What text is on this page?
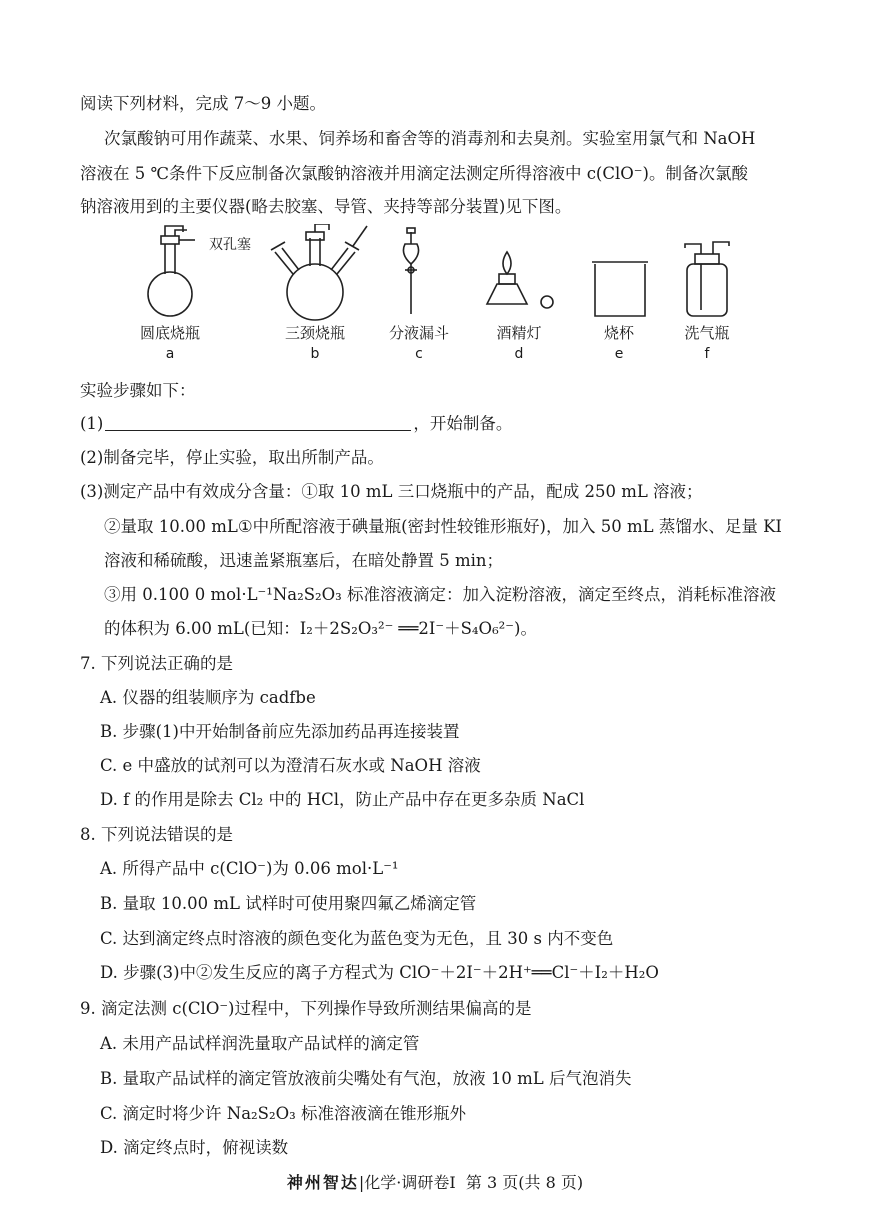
阅读下列材料，完成 7～9 小题。
次氯酸钠可用作蔬菜、水果、饲养场和畜舍等的消毒剂和去臭剂。实验室用氯气和 NaOH
溶液在 5 ℃条件下反应制备次氯酸钠溶液并用滴定法测定所得溶液中 c(ClO⁻)。制备次氯酸
钠溶液用到的主要仪器(略去胶塞、导管、夹持等部分装置)见下图。
双孔塞
圆底烧瓶
a
三颈烧瓶
b
分液漏斗
c
酒精灯
d
烧杯
e
洗气瓶
f
实验步骤如下：
(1)	，开始制备。
(2)制备完毕，停止实验，取出所制产品。
(3)测定产品中有效成分含量：①取 10 mL 三口烧瓶中的产品，配成 250 mL 溶液；
②量取 10.00 mL①中所配溶液于碘量瓶(密封性较锥形瓶好)，加入 50 mL 蒸馏水、足量 KI
溶液和稀硫酸，迅速盖紧瓶塞后，在暗处静置 5 min；
③用 0.100 0 mol·L⁻¹Na₂S₂O₃ 标准溶液滴定：加入淀粉溶液，滴定至终点，消耗标准溶液
的体积为 6.00 mL(已知：I₂＋2S₂O₃²⁻ ══2I⁻＋S₄O₆²⁻)。
7. 下列说法正确的是
A. 仪器的组装顺序为 cadfbe
B. 步骤(1)中开始制备前应先添加药品再连接装置
C. e 中盛放的试剂可以为澄清石灰水或 NaOH 溶液
D. f 的作用是除去 Cl₂ 中的 HCl，防止产品中存在更多杂质 NaCl
8. 下列说法错误的是
A. 所得产品中 c(ClO⁻)为 0.06 mol·L⁻¹
B. 量取 10.00 mL 试样时可使用聚四氟乙烯滴定管
C. 达到滴定终点时溶液的颜色变化为蓝色变为无色，且 30 s 内不变色
D. 步骤(3)中②发生反应的离子方程式为 ClO⁻＋2I⁻＋2H⁺══Cl⁻＋I₂＋H₂O
9. 滴定法测 c(ClO⁻)过程中，下列操作导致所测结果偏高的是
A. 未用产品试样润洗量取产品试样的滴定管
B. 量取产品试样的滴定管放液前尖嘴处有气泡，放液 10 mL 后气泡消失
C. 滴定时将少许 Na₂S₂O₃ 标准溶液滴在锥形瓶外
D. 滴定终点时，俯视读数
神州智达|化学·调研卷Ⅰ 第 3 页(共 8 页)
